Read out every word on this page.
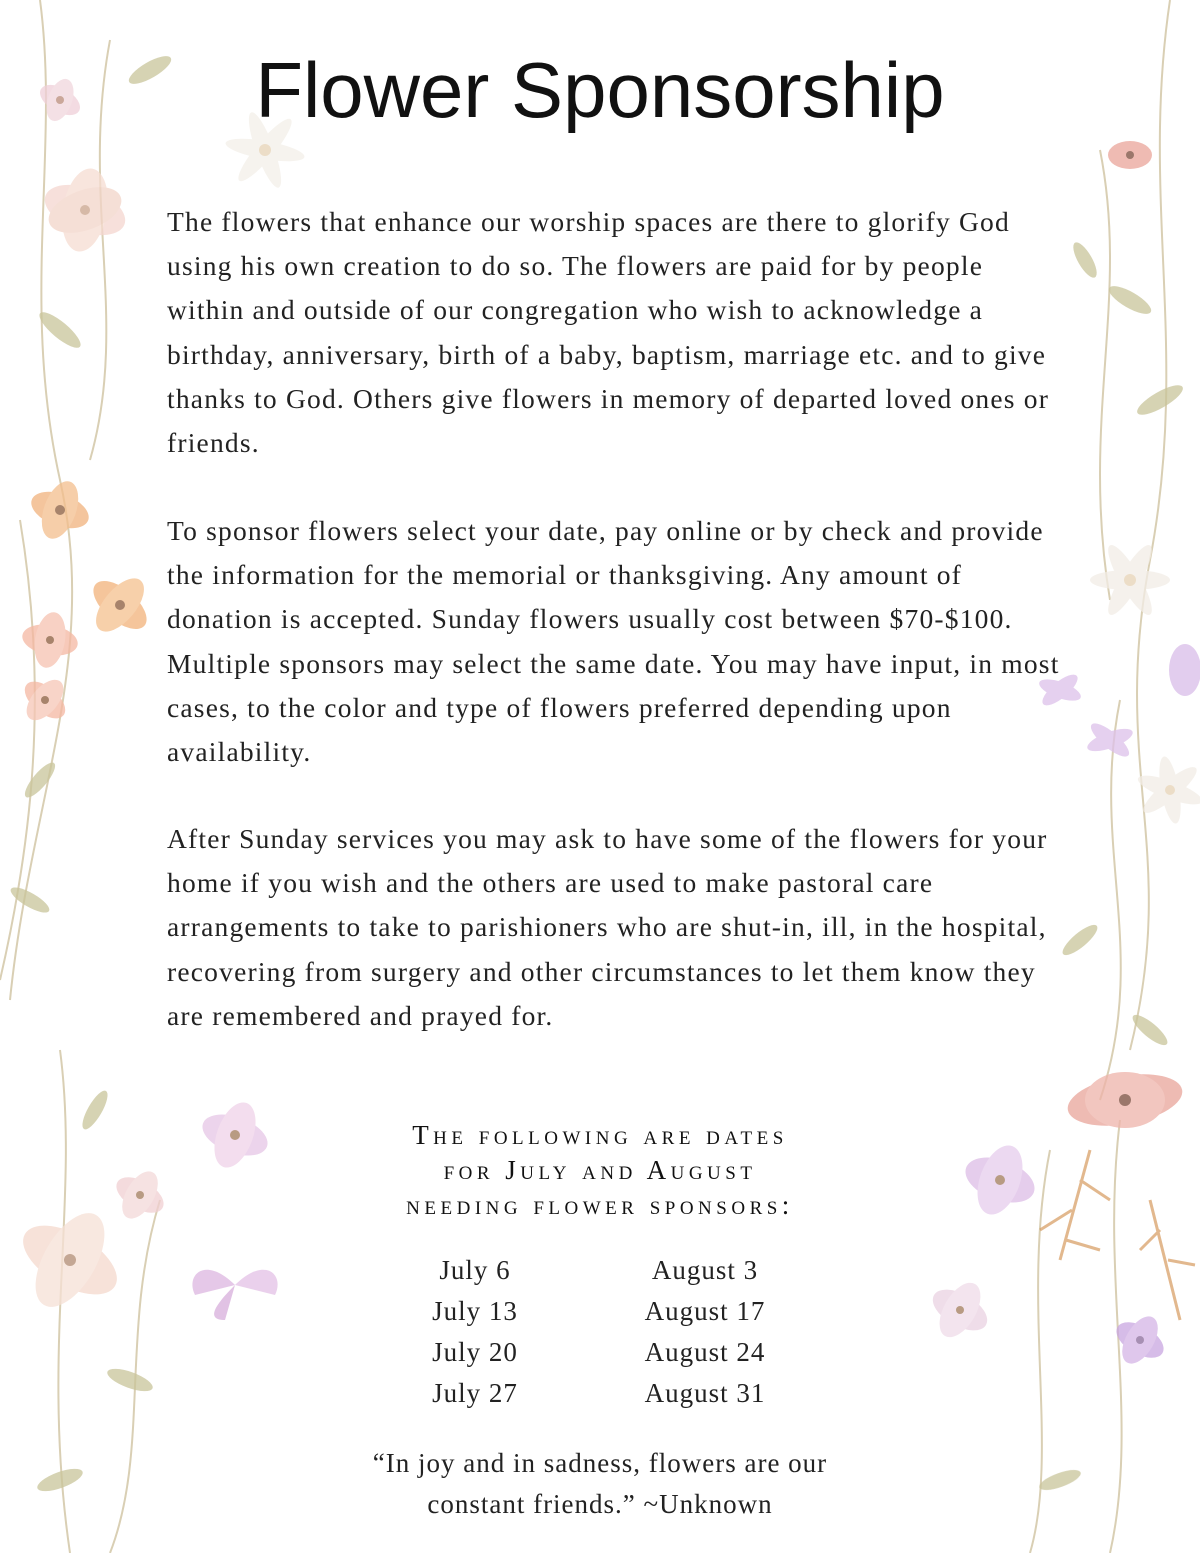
Flower Sponsorship

The flowers that enhance our worship spaces are there to glorify God using his own creation to do so. The flowers are paid for by people within and outside of our congregation who wish to acknowledge a birthday, anniversary, birth of a baby, baptism, marriage etc. and to give thanks to God. Others give flowers in memory of departed loved ones or friends.

To sponsor flowers select your date, pay online or by check and provide the information for the memorial or thanksgiving. Any amount of donation is accepted. Sunday flowers usually cost between $70-$100. Multiple sponsors may select the same date. You may have input, in most cases, to the color and type of flowers preferred depending upon availability.

After Sunday services you may ask to have some of the flowers for your home if you wish and the others are used to make pastoral care arrangements to take to parishioners who are shut-in, ill, in the hospital, recovering from surgery and other circumstances to let them know they are remembered and prayed for.

The following are dates
for July and August
needing flower sponsors:
July 6
July 13
July 20
July 27
August 3
August 17
August 24
August 31

“In joy and in sadness, flowers are our
constant friends.” ~Unknown
